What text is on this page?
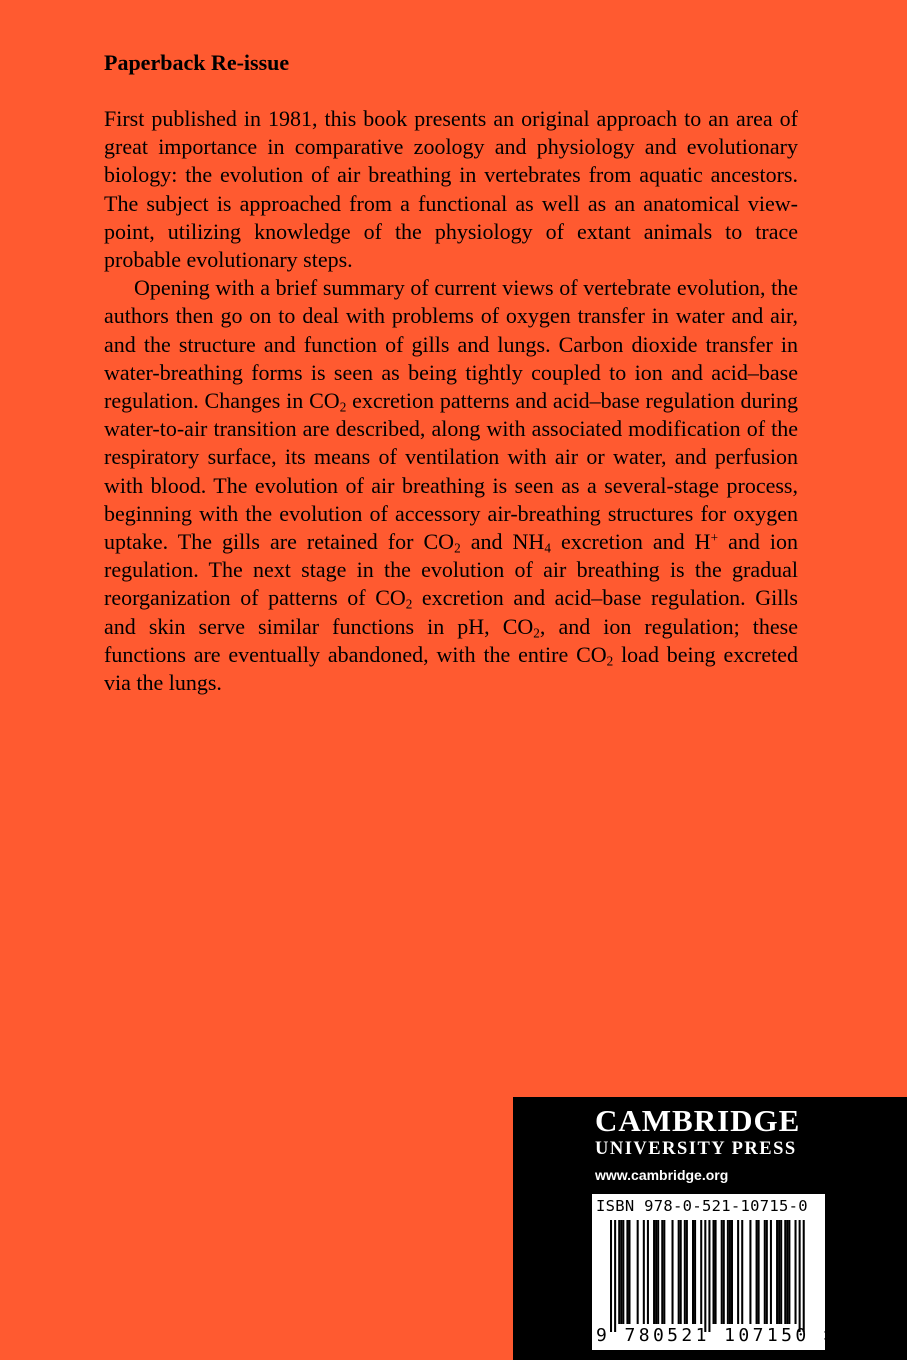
Paperback Re-issue

First published in 1981, this book presents an original approach to an area of great importance in comparative zoology and physiology and evolutionary biology: the evolution of air breathing in vertebrates from aquatic ancestors. The subject is approached from a functional as well as an anatomical view-point, utilizing knowledge of the physiology of extant animals to trace probable evolutionary steps.

Opening with a brief summary of current views of vertebrate evolution, the authors then go on to deal with problems of oxygen transfer in water and air, and the structure and function of gills and lungs. Carbon dioxide transfer in water-breathing forms is seen as being tightly coupled to ion and acid–base regulation. Changes in $CO_2$ excretion patterns and acid–base regulation during water-to-air transition are described, along with associated modification of the respiratory surface, its means of ventilation with air or water, and perfusion with blood. The evolution of air breathing is seen as a several-stage process, beginning with the evolution of accessory air-breathing structures for oxygen uptake. The gills are retained for $CO_2$ and $NH_4$ excretion and H+ and ion regulation. The next stage in the evolution of air breathing is the gradual reorganization of patterns of $CO_2$ excretion and acid–base regulation. Gills and skin serve similar functions in pH, $CO_2$, and ion regulation; these functions are eventually abandoned, with the entire $CO_2$ load being excreted via the lungs.

CAMBRIDGE
UNIVERSITY PRESS
www.cambridge.org
ISBN 978-0-521-10715-0
9 780521 107150 >
